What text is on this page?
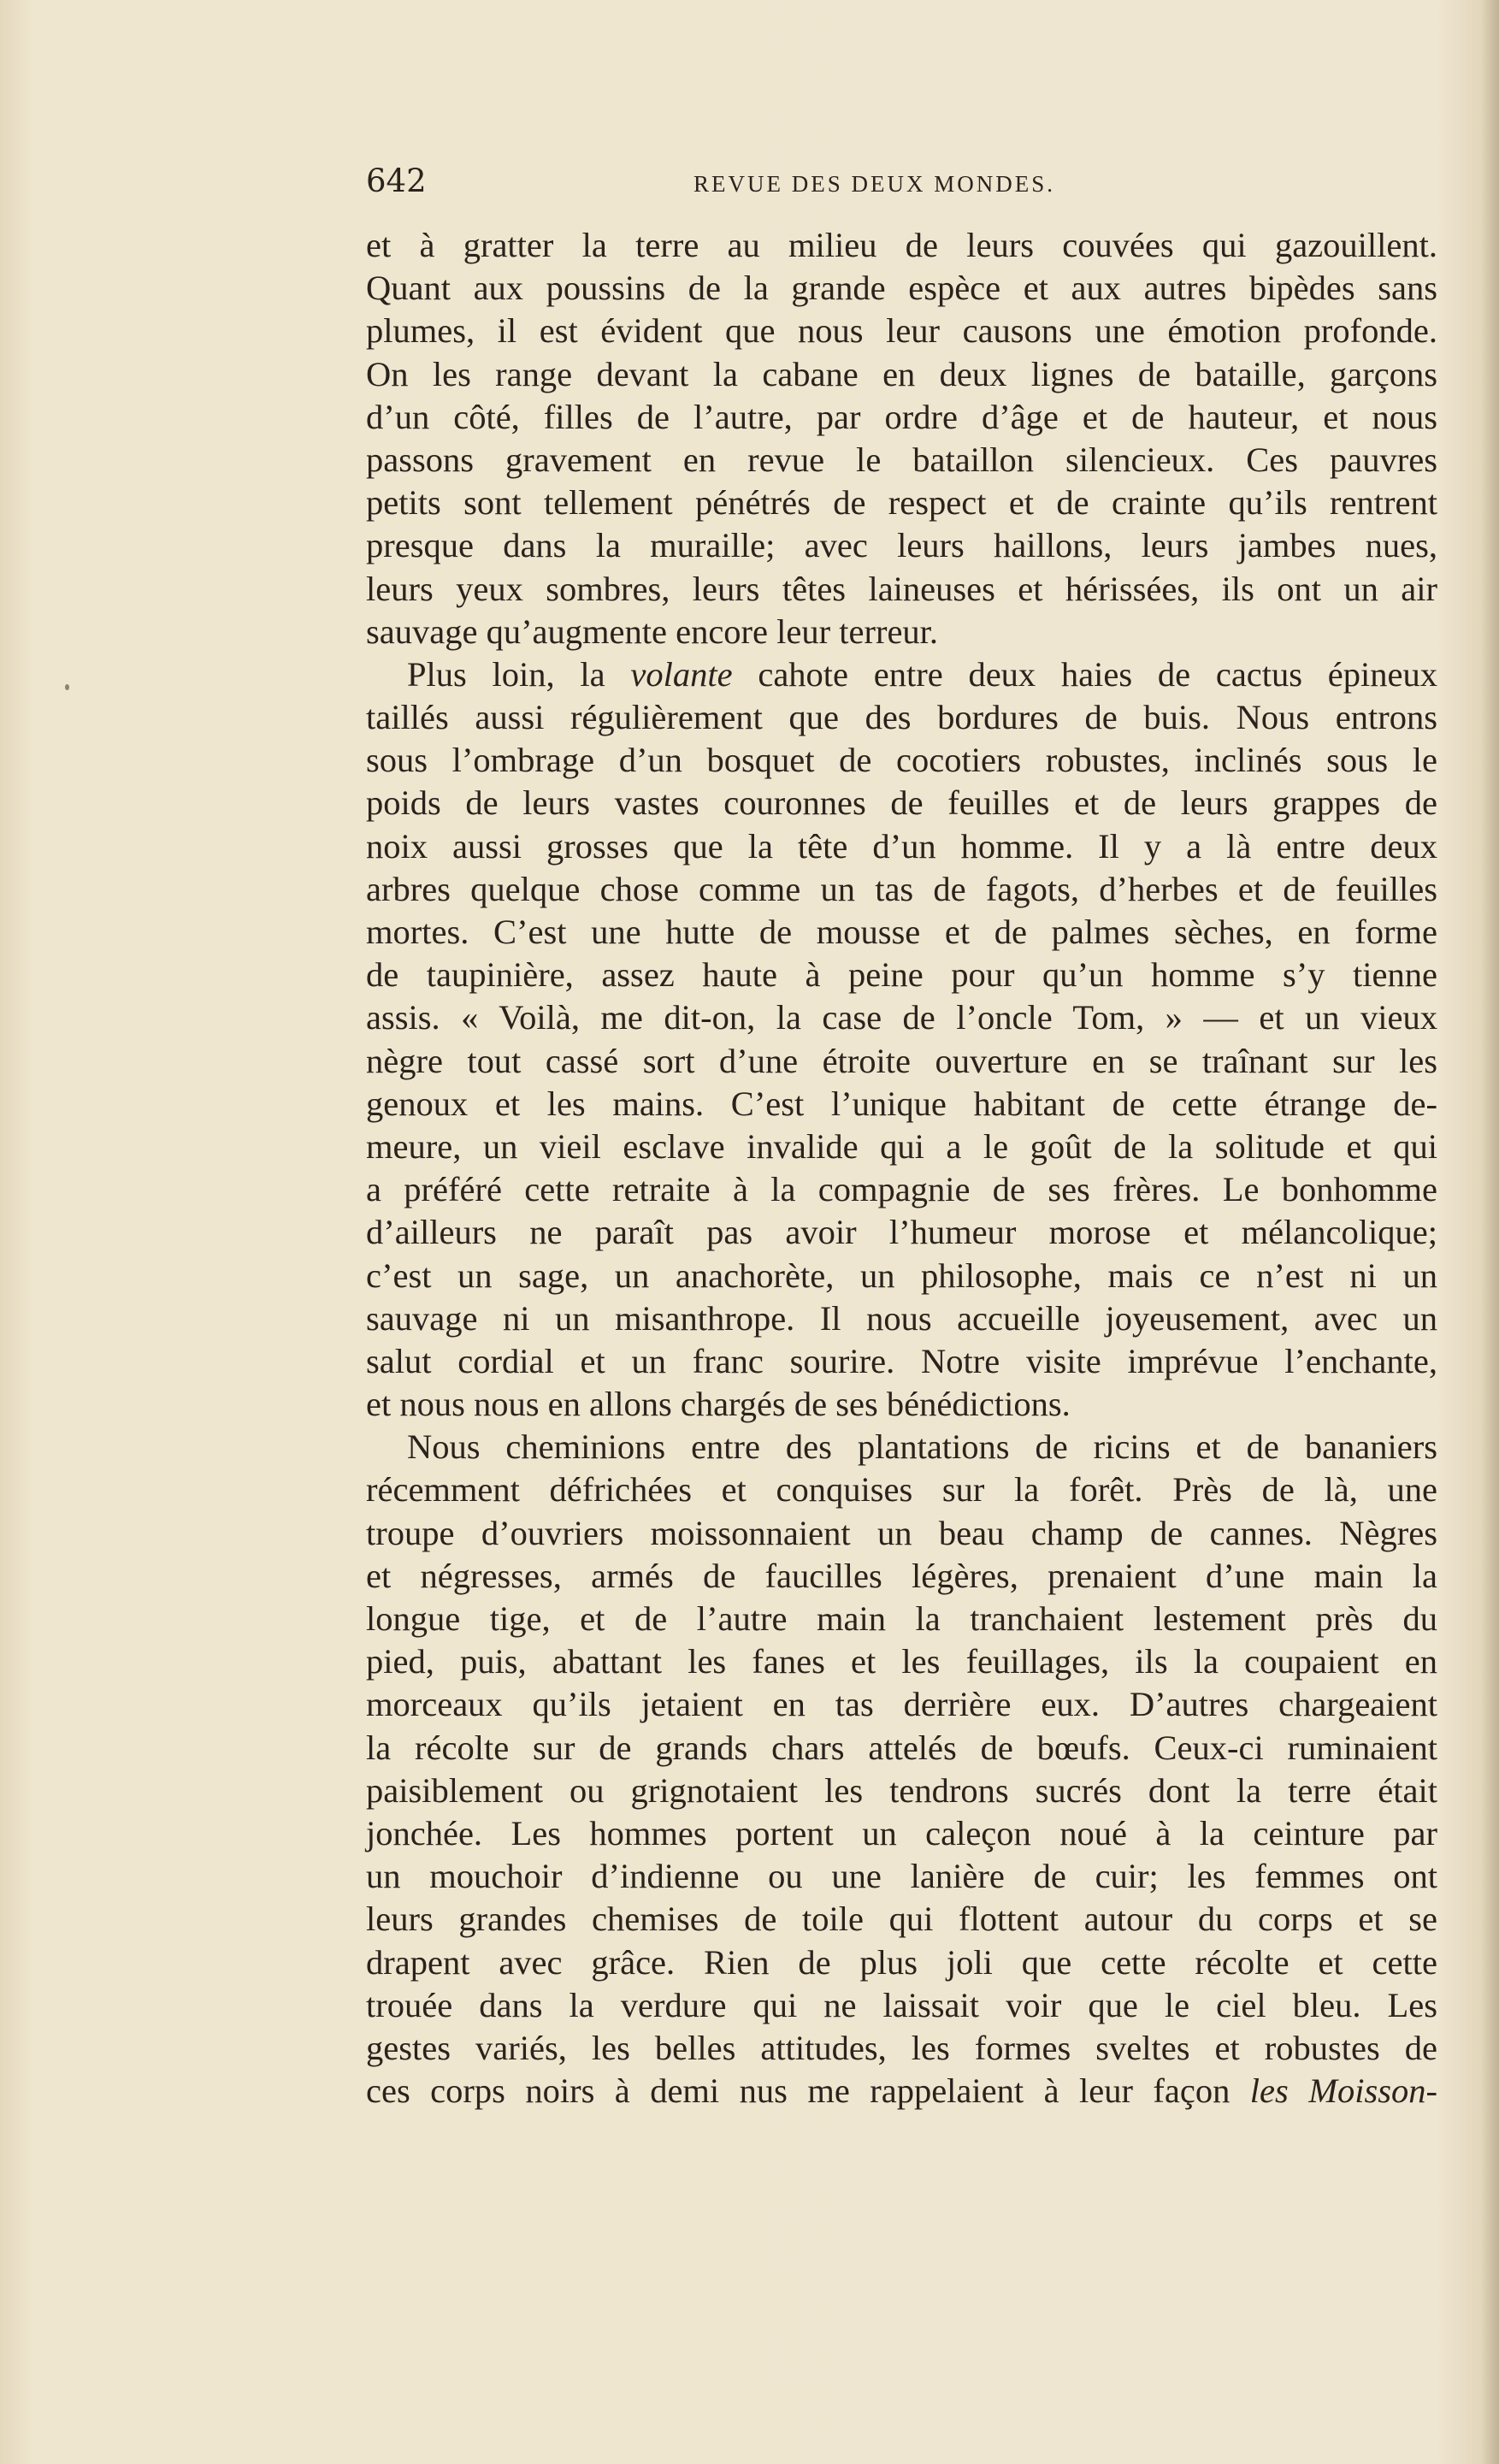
642	REVUE DES DEUX MONDES.
et à gratter la terre au milieu de leurs couvées qui gazouillent.
Quant aux poussins de la grande espèce et aux autres bipèdes sans
plumes, il est évident que nous leur causons une émotion profonde.
On les range devant la cabane en deux lignes de bataille, garçons
d’un côté, filles de l’autre, par ordre d’âge et de hauteur, et nous
passons gravement en revue le bataillon silencieux. Ces pauvres
petits sont tellement pénétrés de respect et de crainte qu’ils rentrent
presque dans la muraille; avec leurs haillons, leurs jambes nues,
leurs yeux sombres, leurs têtes laineuses et hérissées, ils ont un air
sauvage qu’augmente encore leur terreur.
Plus loin, la volante cahote entre deux haies de cactus épineux
taillés aussi régulièrement que des bordures de buis. Nous entrons
sous l’ombrage d’un bosquet de cocotiers robustes, inclinés sous le
poids de leurs vastes couronnes de feuilles et de leurs grappes de
noix aussi grosses que la tête d’un homme. Il y a là entre deux
arbres quelque chose comme un tas de fagots, d’herbes et de feuilles
mortes. C’est une hutte de mousse et de palmes sèches, en forme
de taupinière, assez haute à peine pour qu’un homme s’y tienne
assis. « Voilà, me dit-on, la case de l’oncle Tom, » — et un vieux
nègre tout cassé sort d’une étroite ouverture en se traînant sur les
genoux et les mains. C’est l’unique habitant de cette étrange de-
meure, un vieil esclave invalide qui a le goût de la solitude et qui
a préféré cette retraite à la compagnie de ses frères. Le bonhomme
d’ailleurs ne paraît pas avoir l’humeur morose et mélancolique;
c’est un sage, un anachorète, un philosophe, mais ce n’est ni un
sauvage ni un misanthrope. Il nous accueille joyeusement, avec un
salut cordial et un franc sourire. Notre visite imprévue l’enchante,
et nous nous en allons chargés de ses bénédictions.
Nous cheminions entre des plantations de ricins et de bananiers
récemment défrichées et conquises sur la forêt. Près de là, une
troupe d’ouvriers moissonnaient un beau champ de cannes. Nègres
et négresses, armés de faucilles légères, prenaient d’une main la
longue tige, et de l’autre main la tranchaient lestement près du
pied, puis, abattant les fanes et les feuillages, ils la coupaient en
morceaux qu’ils jetaient en tas derrière eux. D’autres chargeaient
la récolte sur de grands chars attelés de bœufs. Ceux-ci ruminaient
paisiblement ou grignotaient les tendrons sucrés dont la terre était
jonchée. Les hommes portent un caleçon noué à la ceinture par
un mouchoir d’indienne ou une lanière de cuir; les femmes ont
leurs grandes chemises de toile qui flottent autour du corps et se
drapent avec grâce. Rien de plus joli que cette récolte et cette
trouée dans la verdure qui ne laissait voir que le ciel bleu. Les
gestes variés, les belles attitudes, les formes sveltes et robustes de
ces corps noirs à demi nus me rappelaient à leur façon les Moisson-
